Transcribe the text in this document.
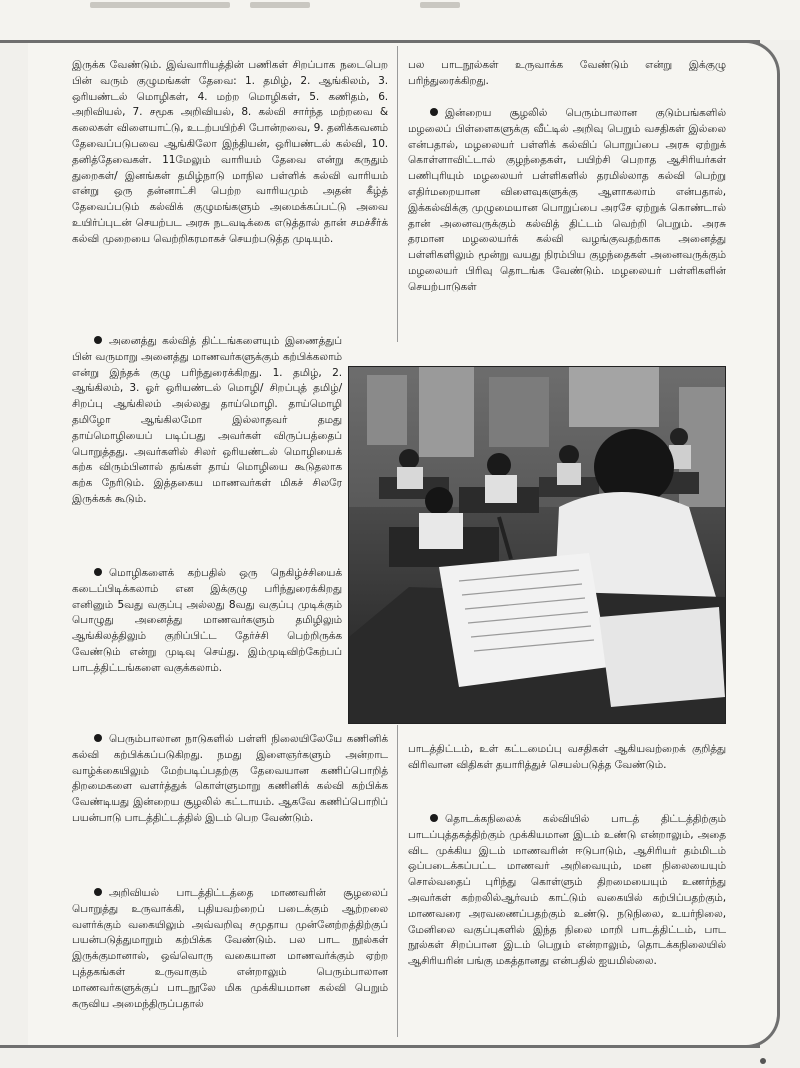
இருக்க வேண்டும். இவ்வாரியத்தின் பணிகள் சிறப்பாக நடைபெற பின் வரும் குழுமங்கள் தேவை: 1. தமிழ், 2. ஆங்கிலம், 3. ஒரியண்டல் மொழிகள், 4. மற்ற மொழிகள், 5. கணிதம், 6. அறிவியல், 7. சமூக அறிவியல், 8. கல்வி சார்ந்த மற்றவை & கலைகள் விளையாட்டு, உடற்பயிற்சி போன்றவை, 9. தனிக்கவனம் தேவைப்படுபவை ஆங்கிலோ இந்தியன், ஒரியண்டல் கல்வி, 10. தனித்தேவைகள். 11மேலும் வாரியம் தேவை என்று கருதும் துறைகள்/ இனங்கள் தமிழ்நாடு மாநில பள்ளிக் கல்வி வாரியம் என்று ஒரு தன்னாட்சி பெற்ற வாரியமும் அதன் கீழ்த் தேவைப்படும் கல்விக் குழுமங்களும் அமைக்கப்பட்டு அவை உயிர்ப்புடன் செயற்பட அரசு நடவடிக்கை எடுத்தால் தான் சமச்சீர்க் கல்வி முறையை வெற்றிகரமாகச் செயற்படுத்த முடியும்.

அனைத்து கல்வித் திட்டங்களையும் இணைத்துப் பின் வருமாறு அனைத்து மாணவர்களுக்கும் கற்பிக்கலாம் என்று இந்தக் குழு பரிந்துரைக்கிறது. 1. தமிழ், 2. ஆங்கிலம், 3. ஓர் ஒரியண்டல் மொழி/ சிறப்புத் தமிழ்/ சிறப்பு ஆங்கிலம் அல்லது தாய்மொழி. தாய்மொழி தமிழோ ஆங்கிலமோ இல்லாதவர் தமது தாய்மொழியைப் படிப்பது அவர்கள் விருப்பத்தைப் பொறுத்தது. அவர்களில் சிலர் ஒரியண்டல் மொழியைக் கற்க விரும்பினால் தங்கள் தாய் மொழியை கூடுதலாக கற்க நேரிடும். இத்தகைய மாணவர்கள் மிகச் சிலரே இருக்கக் கூடும்.

மொழிகளைக் கற்பதில் ஒரு நெகிழ்ச்சியைக் கடைப்பிடிக்கலாம் என இக்குழு பரிந்துரைக்கிறது எனினும் 5வது வகுப்பு அல்லது 8வது வகுப்பு முடிக்கும் பொழுது அனைத்து மாணவர்களும் தமிழிலும் ஆங்கிலத்திலும் குறிப்பிட்ட தேர்ச்சி பெற்றிருக்க வேண்டும் என்று முடிவு செய்து. இம்முடிவிற்கேற்பப் பாடத்திட்டங்களை வகுக்கலாம்.

பெரும்பாலான நாடுகளில் பள்ளி நிலையிலேயே கணினிக் கல்வி கற்பிக்கப்படுகிறது. நமது இளைஞர்களும் அன்றாட வாழ்க்கையிலும் மேற்படிப்பதற்கு தேவையான கணிப்பொறித் திறமைகளை வளர்த்துக் கொள்ளுமாறு கணினிக் கல்வி கற்பிக்க வேண்டியது இன்றைய சூழலில் கட்டாயம். ஆகவே கணிப்பொறிப் பயன்பாடு பாடத்திட்டத்தில் இடம் பெற வேண்டும்.

அறிவியல் பாடத்திட்டத்தை மாணவரின் சூழலைப் பொறுத்து உருவாக்கி, புதியவற்றைப் படைக்கும் ஆற்றலை வளர்க்கும் வகையிலும் அவ்வறிவு சமுதாய முன்னேற்றத்திற்குப் பயன்படுத்துமாறும் கற்பிக்க வேண்டும். பல பாட நூல்கள் இருக்குமானால், ஒவ்வொரு வகையான மாணவர்க்கும் ஏற்ற புத்தகங்கள் உருவாகும் என்றாலும் பெரும்பாலான மாணவர்களுக்குப் பாடநூலே மிக முக்கியமான கல்வி பெறும் கருவிய அமைந்திருப்பதால்

பல பாடநூல்கள் உருவாக்க வேண்டும் என்று இக்குழு பரிந்துரைக்கிறது.

இன்றைய சூழலில் பெரும்பாலான குடும்பங்களில் மழலைப் பிள்ளைகளுக்கு வீட்டில் அறிவு பெறும் வசதிகள் இல்லை என்பதால், மழலையர் பள்ளிக் கல்விப் பொறுப்பை அரசு ஏற்றுக் கொள்ளாவிட்டால் குழந்தைகள், பயிற்சி பெறாத ஆசிரியர்கள் பணிபுரியும் மழலையர் பள்ளிகளில் தரமில்லாத கல்வி பெற்று எதிர்மறையான விளைவுகளுக்கு ஆளாகலாம் என்பதால், இக்கல்விக்கு முழுமையான பொறுப்பை அரசே ஏற்றுக் கொண்டால் தான் அனைவருக்கும் கல்வித் திட்டம் வெற்றி பெறும். அரசு தரமான மழலையர்க் கல்வி வழங்குவதற்காக அனைத்து பள்ளிகளிலும் மூன்று வயது நிரம்பிய குழந்தைகள் அனைவருக்கும் மழலையர் பிரிவு தொடங்க வேண்டும். மழலையர் பள்ளிகளின் செயற்பாடுகள்

பாடத்திட்டம், உள் கட்டமைப்பு வசதிகள் ஆகியவற்றைக் குறித்து விரிவான விதிகள் தயாரித்துச் செயல்படுத்த வேண்டும்.

தொடக்கநிலைக் கல்வியில் பாடத் திட்டத்திற்கும் பாடப்புத்தகத்திற்கும் முக்கியமான இடம் உண்டு என்றாலும், அதை விட முக்கிய இடம் மாணவரின் ஈடுபாடும், ஆசிரியர் தம்மிடம் ஒப்படைக்கப்பட்ட மாணவர் அறிவையும், மன நிலையையும் சொல்வதைப் புரிந்து கொள்ளும் திறமையையும் உணர்ந்து அவர்கள் கற்றலில்ஆர்வம் காட்டும் வகையில் கற்பிப்பதற்கும், மாணவரை அரவணைப்பதற்கும் உண்டு. நடுநிலை, உயர்நிலை, மேனிலை வகுப்புகளில் இந்த நிலை மாறி பாடத்திட்டம், பாட நூல்கள் சிறப்பான இடம் பெறும் என்றாலும், தொடக்கநிலையில் ஆசிரியரின் பங்கு மகத்தானது என்பதில் ஐயமில்லை.
